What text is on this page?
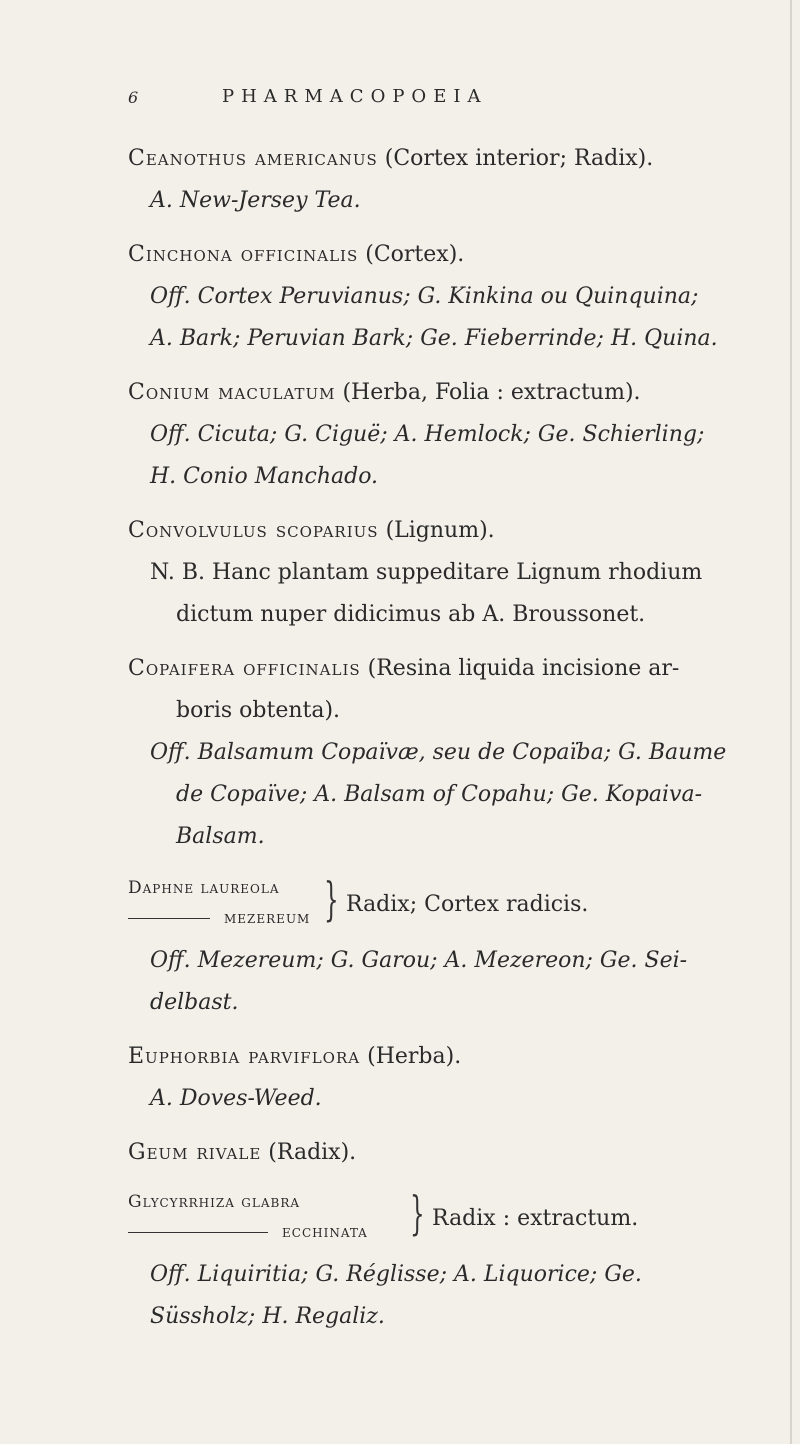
6	PHARMACOPOEIA
Ceanothus americanus (Cortex interior; Radix).
A. New-Jersey Tea.
Cinchona officinalis (Cortex).
Off. Cortex Peruvianus; G. Kinkina ou Quinquina;
A. Bark; Peruvian Bark; Ge. Fieberrinde; H. Quina.
Conium maculatum (Herba, Folia : extractum).
Off. Cicuta; G. Ciguë; A. Hemlock; Ge. Schierling;
H. Conio Manchado.
Convolvulus scoparius (Lignum).
N. B. Hanc plantam suppeditare Lignum rhodium
dictum nuper didicimus ab A. Broussonet.
Copaifera officinalis (Resina liquida incisione ar-
boris obtenta).
Off. Balsamum Copaïvæ, seu de Copaïba; G. Baume
de Copaïve; A. Balsam of Copahu; Ge. Kopaiva-
Balsam.
Daphne laureola
mezereum } Radix; Cortex radicis.
Off. Mezereum; G. Garou; A. Mezereon; Ge. Sei-
delbast.
Euphorbia parviflora (Herba).
A. Doves-Weed.
Geum rivale (Radix).
Glycyrrhiza glabra
ecchinata } Radix : extractum.
Off. Liquiritia; G. Réglisse; A. Liquorice; Ge.
Süssholz; H. Regaliz.
